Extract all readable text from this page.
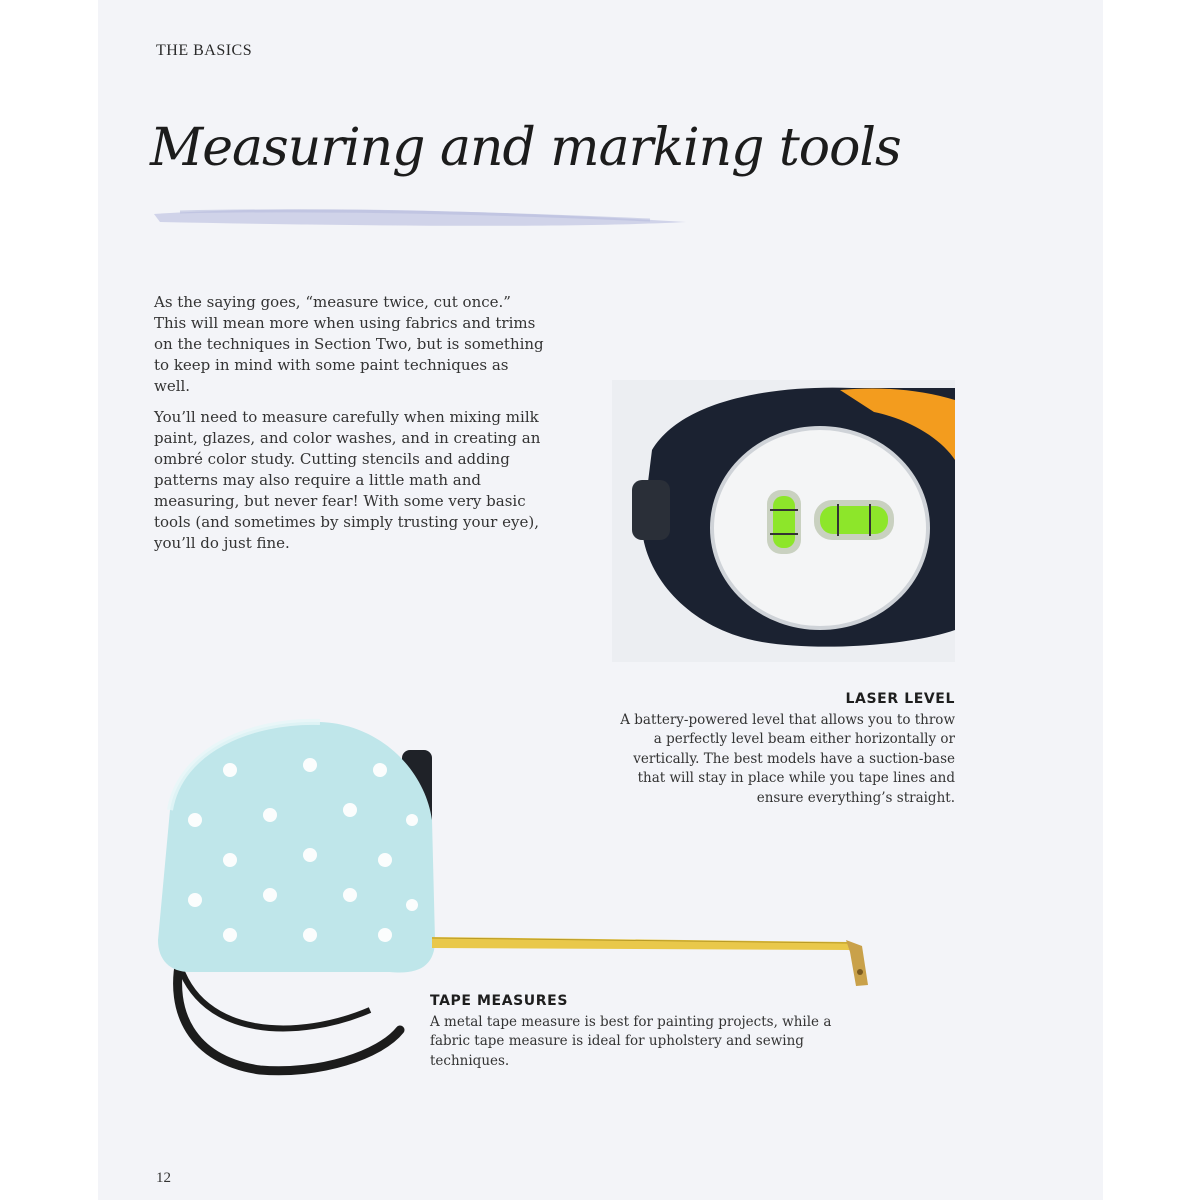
THE BASICS
Measuring and marking tools

As the saying goes, “measure twice, cut once.” This will mean more when using fabrics and trims on the techniques in Section Two, but is something to keep in mind with some paint techniques as well.

You’ll need to measure carefully when mixing milk paint, glazes, and color washes, and in creating an ombré color study. Cutting stencils and adding patterns may also require a little math and measuring, but never fear! With some very basic tools (and sometimes by simply trusting your eye), you’ll do just fine.

LASER LEVEL
A battery-powered level that allows you to throw a perfectly level beam either horizontally or vertically. The best models have a suction-base that will stay in place while you tape lines and ensure everything’s straight.
TAPE MEASURES
A metal tape measure is best for painting projects, while a fabric tape measure is ideal for upholstery and sewing techniques.
12
